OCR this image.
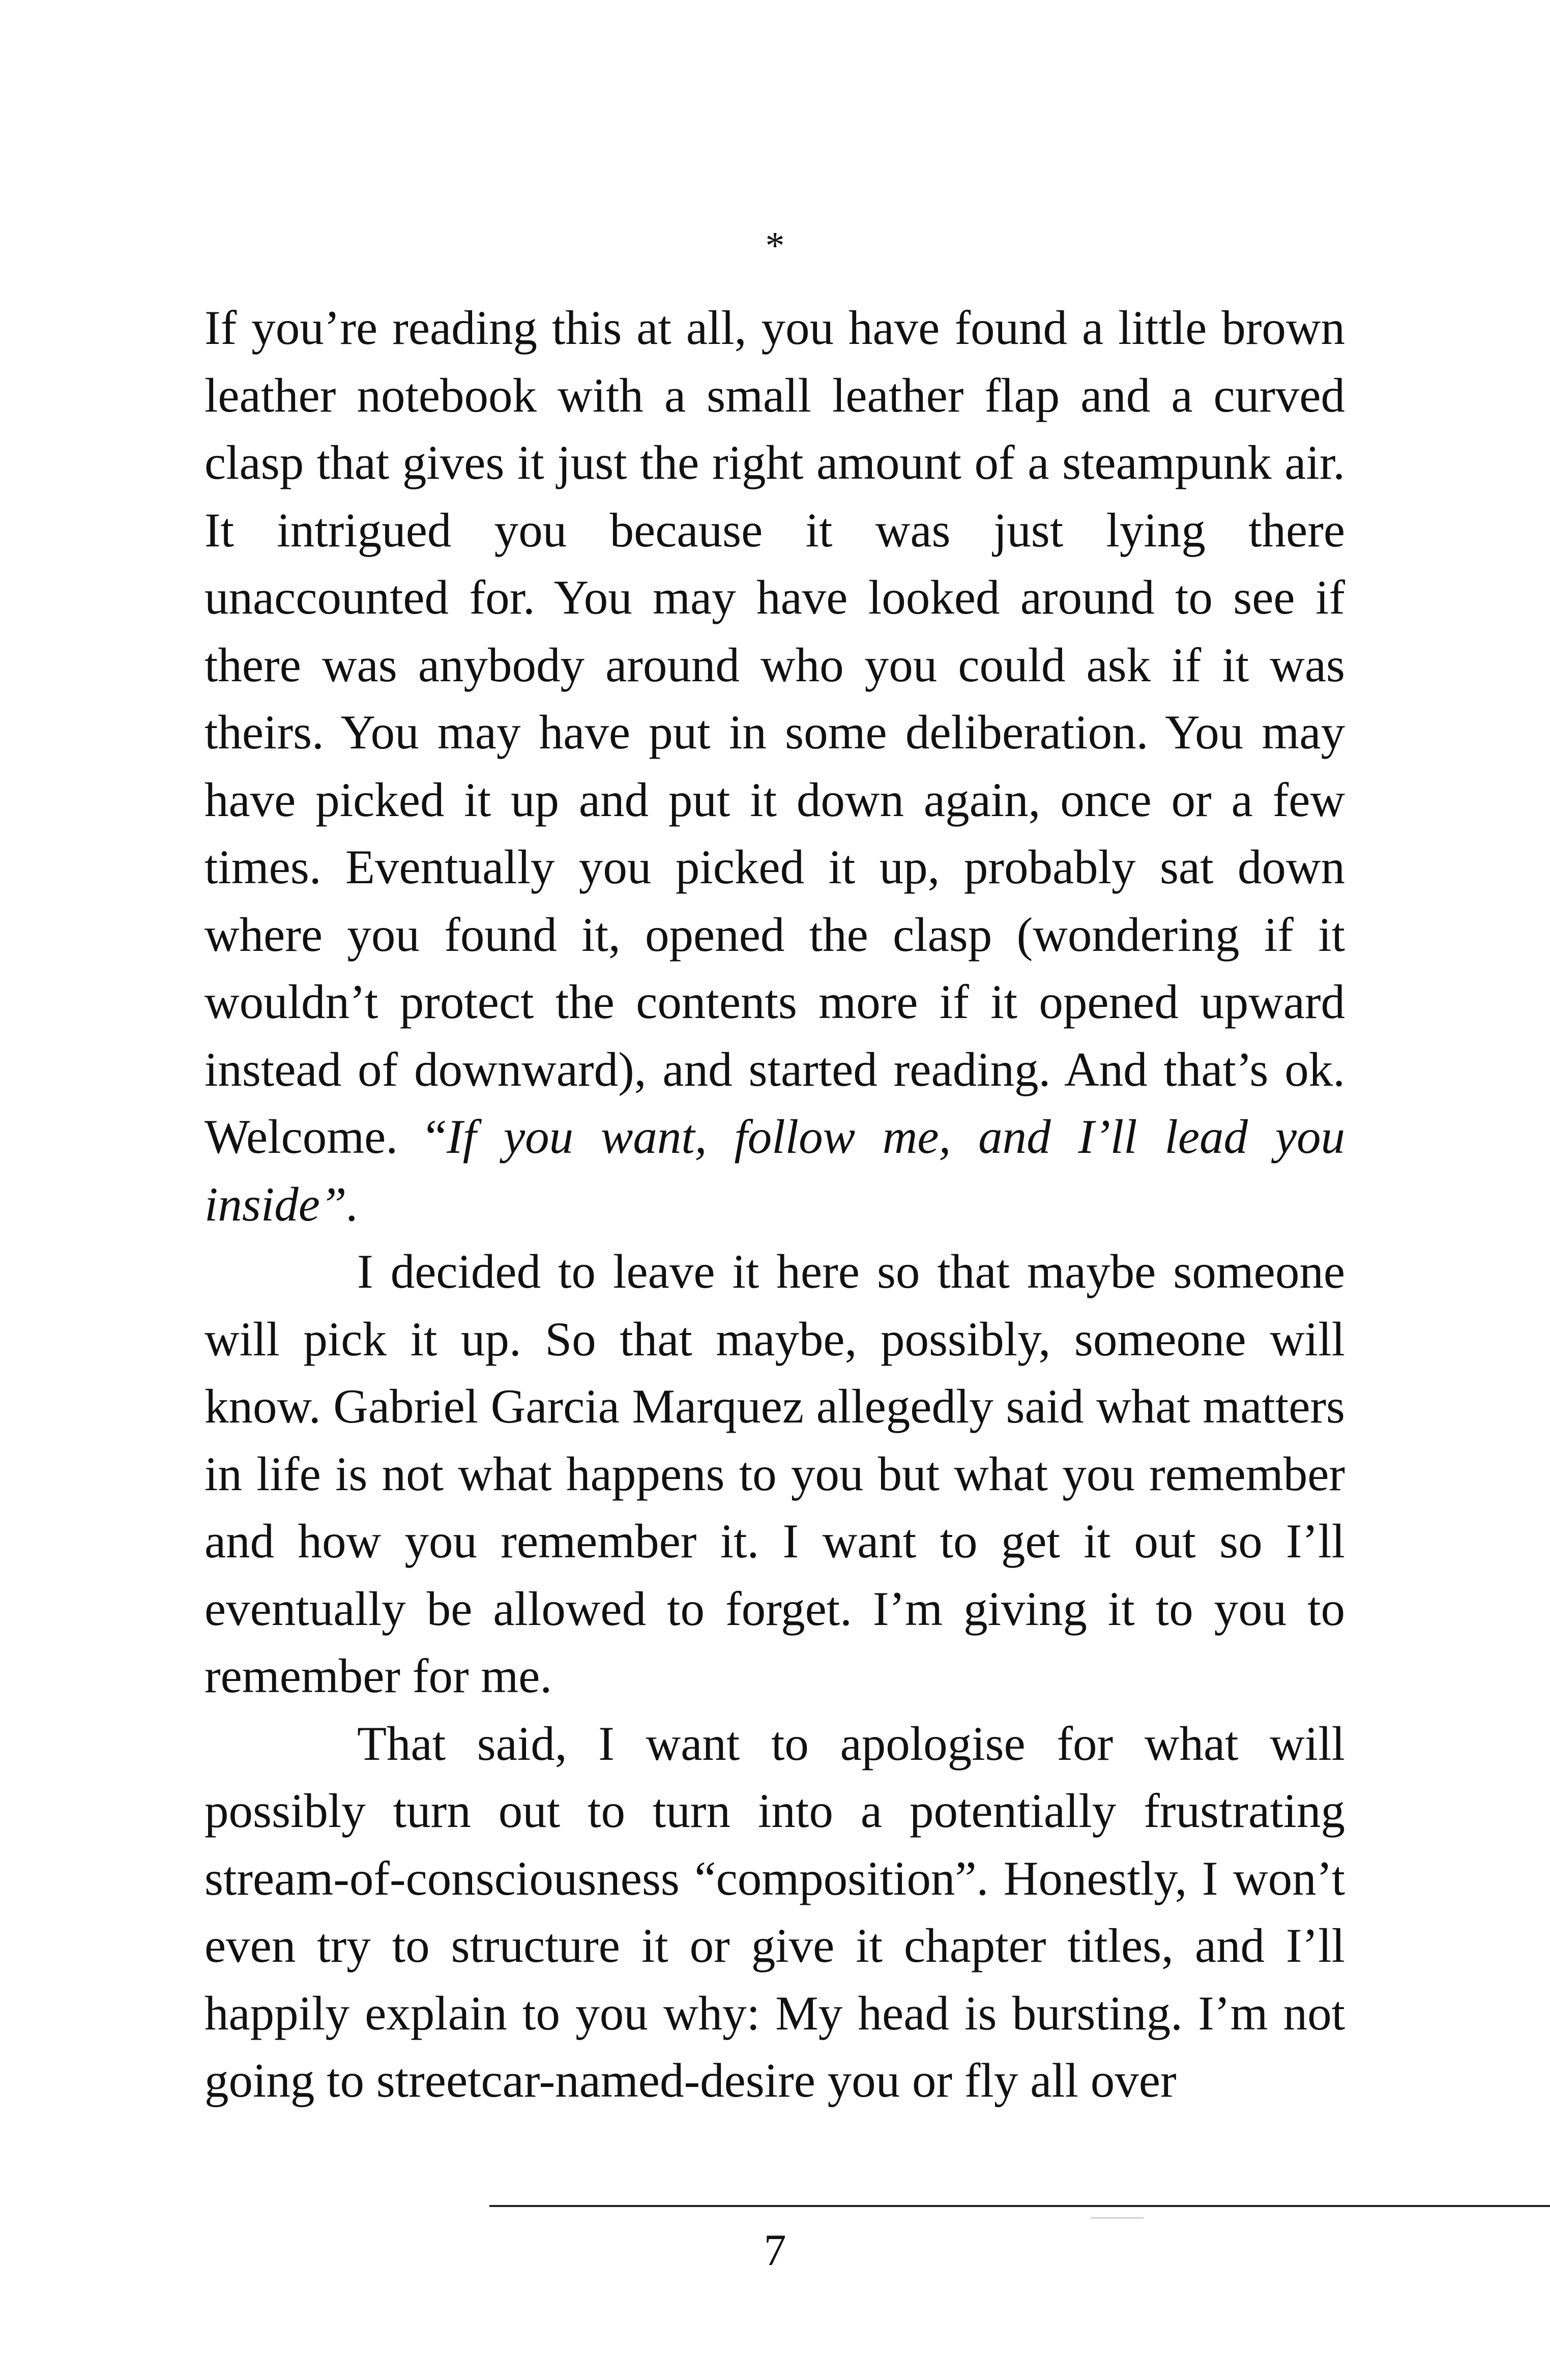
*

If you’re reading this at all, you have found a little brown leather notebook with a small leather flap and a curved clasp that gives it just the right amount of a steampunk air. It intrigued you because it was just lying there unaccounted for. You may have looked around to see if there was anybody around who you could ask if it was theirs. You may have put in some deliberation. You may have picked it up and put it down again, once or a few times. Eventually you picked it up, probably sat down where you found it, opened the clasp (wondering if it wouldn’t protect the contents more if it opened upward instead of downward), and started reading. And that’s ok. Welcome. “If you want, follow me, and I’ll lead you inside”.

I decided to leave it here so that maybe someone will pick it up. So that maybe, possibly, someone will know. Gabriel Garcia Marquez allegedly said what matters in life is not what happens to you but what you remember and how you remember it. I want to get it out so I’ll eventually be allowed to forget. I’m giving it to you to remember for me.

That said, I want to apologise for what will possibly turn out to turn into a potentially frustrating stream-of-consciousness “composition”. Honestly, I won’t even try to structure it or give it chapter titles, and I’ll happily explain to you why: My head is bursting. I’m not going to streetcar-named-desire you or fly all over

7
